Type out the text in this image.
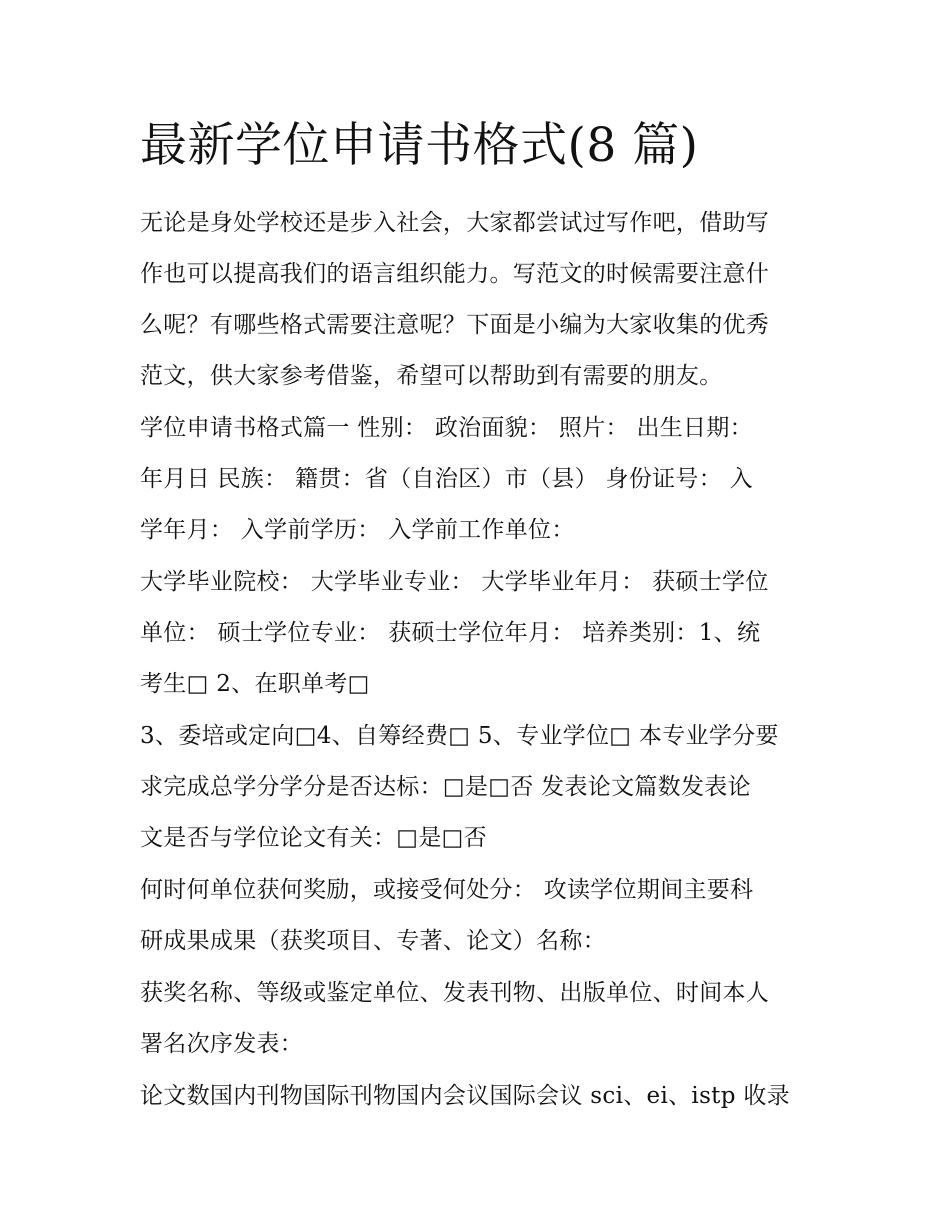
最新学位申请书格式(8 篇)

无论是身处学校还是步入社会，大家都尝试过写作吧，借助写
作也可以提高我们的语言组织能力。写范文的时候需要注意什
么呢？有哪些格式需要注意呢？下面是小编为大家收集的优秀
范文，供大家参考借鉴，希望可以帮助到有需要的朋友。

学位申请书格式篇一 性别： 政治面貌： 照片： 出生日期：
年月日 民族： 籍贯：省（自治区）市（县） 身份证号： 入
学年月： 入学前学历： 入学前工作单位：

大学毕业院校： 大学毕业专业： 大学毕业年月： 获硕士学位
单位： 硕士学位专业： 获硕士学位年月： 培养类别：1、统
考生□ 2、在职单考□

3、委培或定向□4、自筹经费□ 5、专业学位□ 本专业学分要
求完成总学分学分是否达标：□是□否 发表论文篇数发表论
文是否与学位论文有关：□是□否

何时何单位获何奖励，或接受何处分： 攻读学位期间主要科
研成果成果（获奖项目、专著、论文）名称：

获奖名称、等级或鉴定单位、发表刊物、出版单位、时间本人
署名次序发表：

论文数国内刊物国际刊物国内会议国际会议 sci、ei、istp 收录
